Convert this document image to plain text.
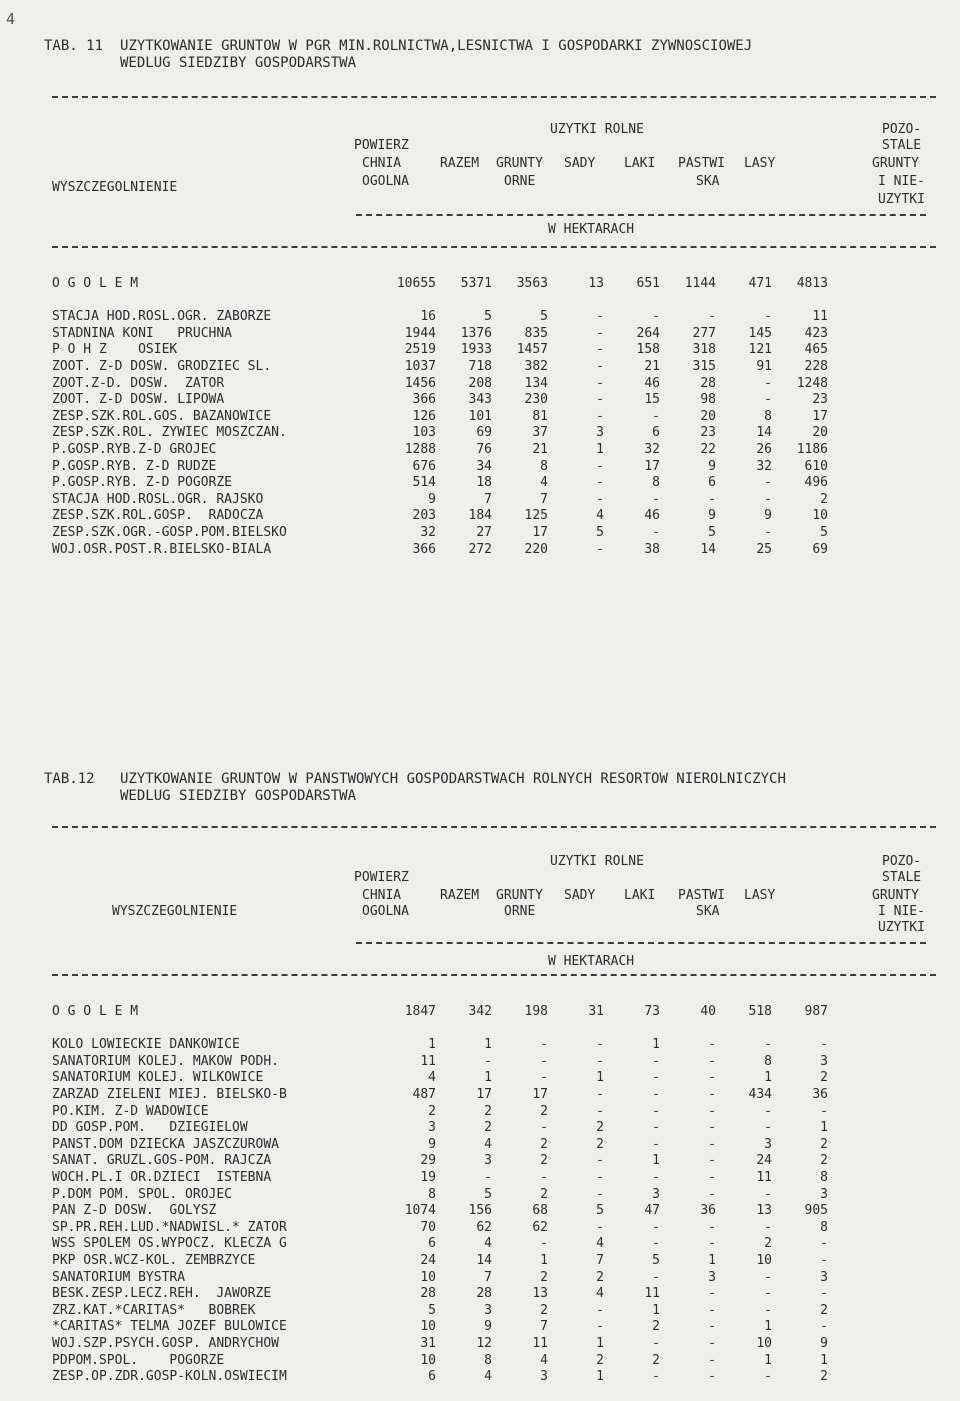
4
TAB. 11 UZYTKOWANIE GRUNTOW W PGR MIN.ROLNICTWA,LESNICTWA I GOSPODARKI ZYWNOSCIOWEJ
WEDLUG SIEDZIBY GOSPODARSTWA
WYSZCZEGOLNIENIE
UZYTKI ROLNE
POWIERZ
CHNIA
OGOLNA
RAZEM GRUNTY
ORNE
SADY LAKI PASTWI
SKA
LASY
POZO-
STALE
GRUNTY
I NIE-
UZYTKI
W HEKTARACH
O G O L E M	10655 5371 3563	13	651 1144	471 4813
STACJA HOD.ROSL.OGR. ZABORZE	16	5	5	-	-	-	-	11
STADNINA KONI   PRUCHNA	1944 1376	835	-	264	277	145	423
P O H Z    OSIEK	2519 1933 1457	-	158	318	121	465
ZOOT. Z-D DOSW. GRODZIEC SL.	1037	718	382	-	21	315	91	228
ZOOT.Z-D. DOSW.  ZATOR	1456	208	134	-	46	28	- 1248
ZOOT. Z-D DOSW. LIPOWA	366	343	230	-	15	98	-	23
ZESP.SZK.ROL.GOS. BAZANOWICE	126	101	81	-	-	20	8	17
ZESP.SZK.ROL. ZYWIEC MOSZCZAN.	103	69	37	3	6	23	14	20
P.GOSP.RYB.Z-D GROJEC	1288	76	21	1	32	22	26 1186
P.GOSP.RYB. Z-D RUDZE	676	34	8	-	17	9	32	610
P.GOSP.RYB. Z-D POGORZE	514	18	4	-	8	6	-	496
STACJA HOD.ROSL.OGR. RAJSKO	9	7	7	-	-	-	-	2
ZESP.SZK.ROL.GOSP.  RADOCZA	203	184	125	4	46	9	9	10
ZESP.SZK.OGR.-GOSP.POM.BIELSKO	32	27	17	5	-	5	-	5
WOJ.OSR.POST.R.BIELSKO-BIALA	366	272	220	-	38	14	25	69
TAB.12 UZYTKOWANIE GRUNTOW W PANSTWOWYCH GOSPODARSTWACH ROLNYCH RESORTOW NIEROLNICZYCH
WEDLUG SIEDZIBY GOSPODARSTWA
WYSZCZEGOLNIENIE
UZYTKI ROLNE
POWIERZ
CHNIA
OGOLNA
RAZEM GRUNTY
ORNE
SADY LAKI PASTWI
SKA
LASY
POZO-
STALE
GRUNTY
I NIE-
UZYTKI
W HEKTARACH
O G O L E M	1847	342	198	31	73	40	518	987
KOLO LOWIECKIE DANKOWICE	1	1	-	-	1	-	-	-
SANATORIUM KOLEJ. MAKOW PODH.	11	-	-	-	-	-	8	3
SANATORIUM KOLEJ. WILKOWICE	4	1	-	1	-	-	1	2
ZARZAD ZIELENI MIEJ. BIELSKO-B	487	17	17	-	-	-	434	36
PO.KIM. Z-D WADOWICE	2	2	2	-	-	-	-	-
DD GOSP.POM.   DZIEGIELOW	3	2	-	2	-	-	-	1
PANST.DOM DZIECKA JASZCZUROWA	9	4	2	2	-	-	3	2
SANAT. GRUZL.GOS-POM. RAJCZA	29	3	2	-	1	-	24	2
WOCH.PL.I OR.DZIECI  ISTEBNA	19	-	-	-	-	-	11	8
P.DOM POM. SPOL. OROJEC	8	5	2	-	3	-	-	3
PAN Z-D DOSW.  GOLYSZ	1074	156	68	5	47	36	13	905
SP.PR.REH.LUD.*NADWISL.* ZATOR	70	62	62	-	-	-	-	8
WSS SPOLEM OS.WYPOCZ. KLECZA G	6	4	-	4	-	-	2	-
PKP OSR.WCZ-KOL. ZEMBRZYCE	24	14	1	7	5	1	10	-
SANATORIUM BYSTRA	10	7	2	2	-	3	-	3
BESK.ZESP.LECZ.REH.  JAWORZE	28	28	13	4	11	-	-	-
ZRZ.KAT.*CARITAS*   BOBREK	5	3	2	-	1	-	-	2
*CARITAS* TELMA JOZEF BULOWICE	10	9	7	-	2	-	1	-
WOJ.SZP.PSYCH.GOSP. ANDRYCHOW	31	12	11	1	-	-	10	9
PDPOM.SPOL.    POGORZE	10	8	4	2	2	-	1	1
ZESP.OP.ZDR.GOSP-KOLN.OSWIECIM	6	4	3	1	-	-	-	2
